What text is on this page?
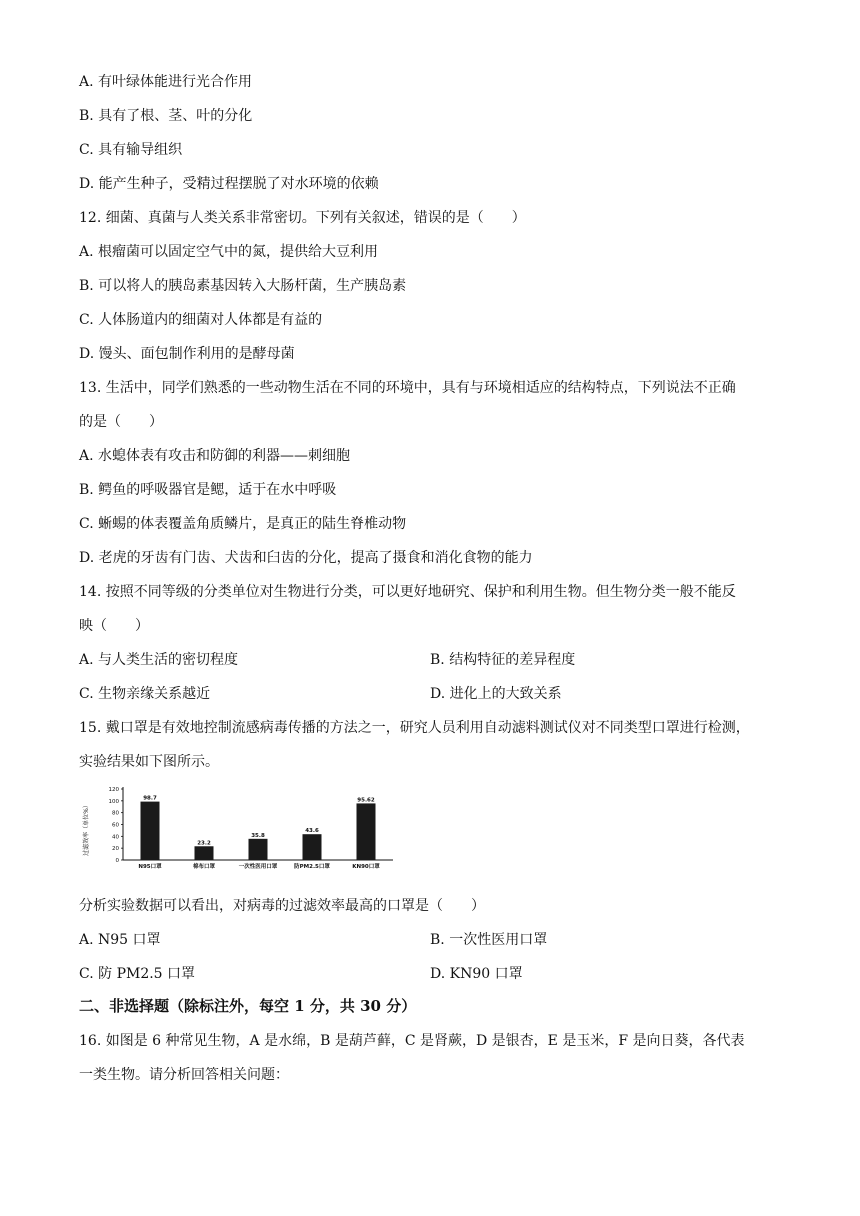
A. 有叶绿体能进行光合作用
B. 具有了根、茎、叶的分化
C. 具有输导组织
D. 能产生种子，受精过程摆脱了对水环境的依赖
12. 细菌、真菌与人类关系非常密切。下列有关叙述，错误的是（　　）
A. 根瘤菌可以固定空气中的氮，提供给大豆利用
B. 可以将人的胰岛素基因转入大肠杆菌，生产胰岛素
C. 人体肠道内的细菌对人体都是有益的
D. 馒头、面包制作利用的是酵母菌
13. 生活中，同学们熟悉的一些动物生活在不同的环境中，具有与环境相适应的结构特点，下列说法不正确
的是（　　）
A. 水螅体表有攻击和防御的利器——刺细胞
B. 鳄鱼的呼吸器官是鳃，适于在水中呼吸
C. 蜥蜴的体表覆盖角质鳞片，是真正的陆生脊椎动物
D. 老虎的牙齿有门齿、犬齿和臼齿的分化，提高了摄食和消化食物的能力
14. 按照不同等级的分类单位对生物进行分类，可以更好地研究、保护和利用生物。但生物分类一般不能反
映（　　）
A. 与人类生活的密切程度	B. 结构特征的差异程度
C. 生物亲缘关系越近	D. 进化上的大致关系
15. 戴口罩是有效地控制流感病毒传播的方法之一，研究人员利用自动滤料测试仪对不同类型口罩进行检测，
实验结果如下图所示。
过滤效率（单位%）
0
20
40
60
80
100
120
98.7
N95口罩
23.2
棉布口罩
35.8
一次性医用口罩
43.6
防PM2.5口罩
95.62
KN90口罩
分析实验数据可以看出，对病毒的过滤效率最高的口罩是（　　）
A. N95 口罩	B. 一次性医用口罩
C. 防 PM2.5 口罩	D. KN90 口罩
二、非选择题（除标注外，每空 1 分，共 30 分）
16. 如图是 6 种常见生物，A 是水绵，B 是葫芦藓，C 是肾蕨，D 是银杏，E 是玉米，F 是向日葵，各代表
一类生物。请分析回答相关问题：
